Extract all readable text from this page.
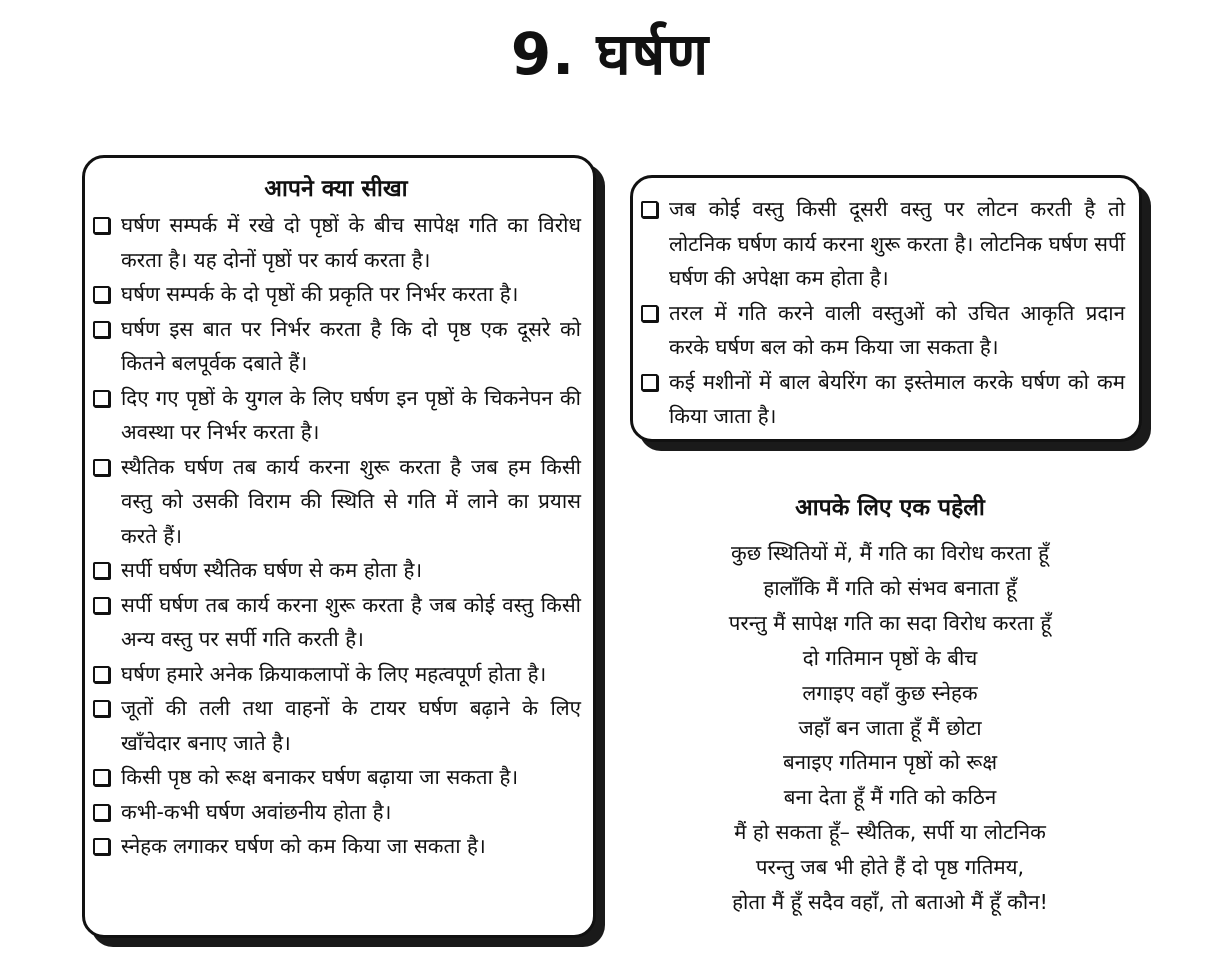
9. घर्षण
आपने क्या सीखा
घर्षण सम्पर्क में रखे दो पृष्ठों के बीच सापेक्ष गति का विरोध करता है। यह दोनों पृष्ठों पर कार्य करता है।
घर्षण सम्पर्क के दो पृष्ठों की प्रकृति पर निर्भर करता है।
घर्षण इस बात पर निर्भर करता है कि दो पृष्ठ एक दूसरे को कितने बलपूर्वक दबाते हैं।
दिए गए पृष्ठों के युगल के लिए घर्षण इन पृष्ठों के चिकनेपन की अवस्था पर निर्भर करता है।
स्थैतिक घर्षण तब कार्य करना शुरू करता है जब हम किसी वस्तु को उसकी विराम की स्थिति से गति में लाने का प्रयास करते हैं।
सर्पी घर्षण स्थैतिक घर्षण से कम होता है।
सर्पी घर्षण तब कार्य करना शुरू करता है जब कोई वस्तु किसी अन्य वस्तु पर सर्पी गति करती है।
घर्षण हमारे अनेक क्रियाकलापों के लिए महत्वपूर्ण होता है।
जूतों की तली तथा वाहनों के टायर घर्षण बढ़ाने के लिए खाँचेदार बनाए जाते है।
किसी पृष्ठ को रूक्ष बनाकर घर्षण बढ़ाया जा सकता है।
कभी-कभी घर्षण अवांछनीय होता है।
स्नेहक लगाकर घर्षण को कम किया जा सकता है।
जब कोई वस्तु किसी दूसरी वस्तु पर लोटन करती है तो लोटनिक घर्षण कार्य करना शुरू करता है। लोटनिक घर्षण सर्पी घर्षण की अपेक्षा कम होता है।
तरल में गति करने वाली वस्तुओं को उचित आकृति प्रदान करके घर्षण बल को कम किया जा सकता है।
कई मशीनों में बाल बेयरिंग का इस्तेमाल करके घर्षण को कम किया जाता है।
आपके लिए एक पहेली
कुछ स्थितियों में, मैं गति का विरोध करता हूँ
हालाँकि मैं गति को संभव बनाता हूँ
परन्तु मैं सापेक्ष गति का सदा विरोध करता हूँ
दो गतिमान पृष्ठों के बीच
लगाइए वहाँ कुछ स्नेहक
जहाँ बन जाता हूँ मैं छोटा
बनाइए गतिमान पृष्ठों को रूक्ष
बना देता हूँ मैं गति को कठिन
मैं हो सकता हूँ– स्थैतिक, सर्पी या लोटनिक
परन्तु जब भी होते हैं दो पृष्ठ गतिमय,
होता मैं हूँ सदैव वहाँ, तो बताओ मैं हूँ कौन!
